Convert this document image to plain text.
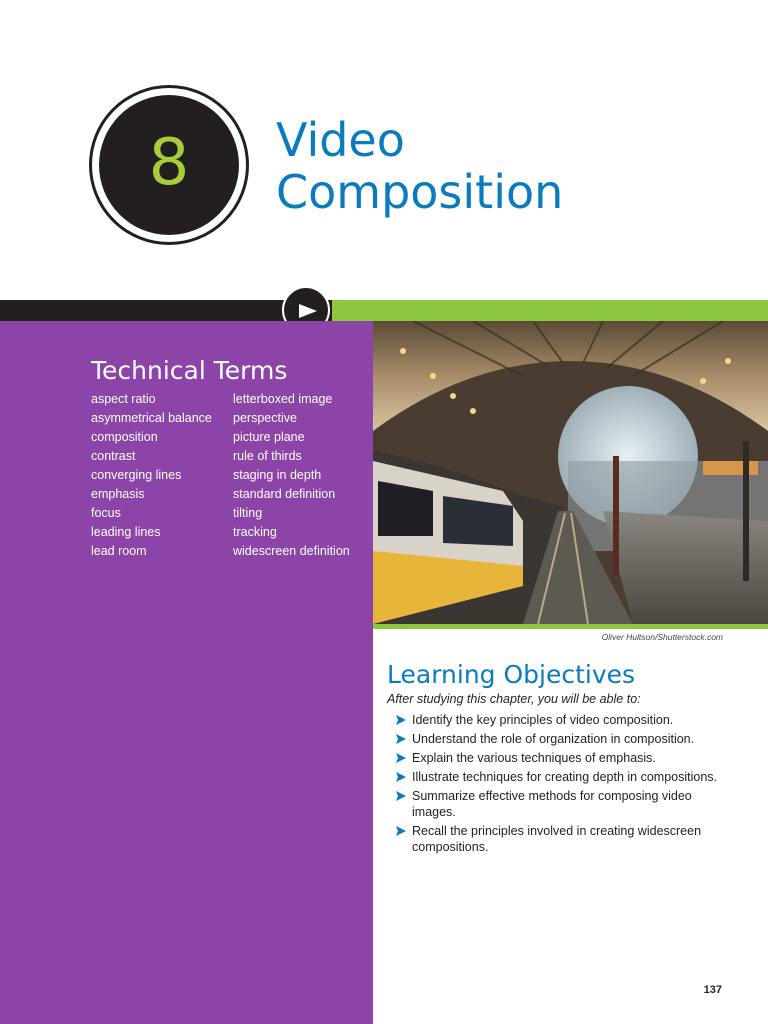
8 Video
Composition
Technical Terms
aspect ratio
asymmetrical balance
composition
contrast
converging lines
emphasis
focus
leading lines
lead room
letterboxed image
perspective
picture plane
rule of thirds
staging in depth
standard definition
tilting
tracking
widescreen definition
Oliver Hultson/Shutterstock.com
Learning Objectives

After studying this chapter, you will be able to:

Identify the key principles of video composition.
Understand the role of organization in composition.
Explain the various techniques of emphasis.
Illustrate techniques for creating depth in compositions.
Summarize effective methods for composing video images.
Recall the principles involved in creating widescreen compositions.
137
